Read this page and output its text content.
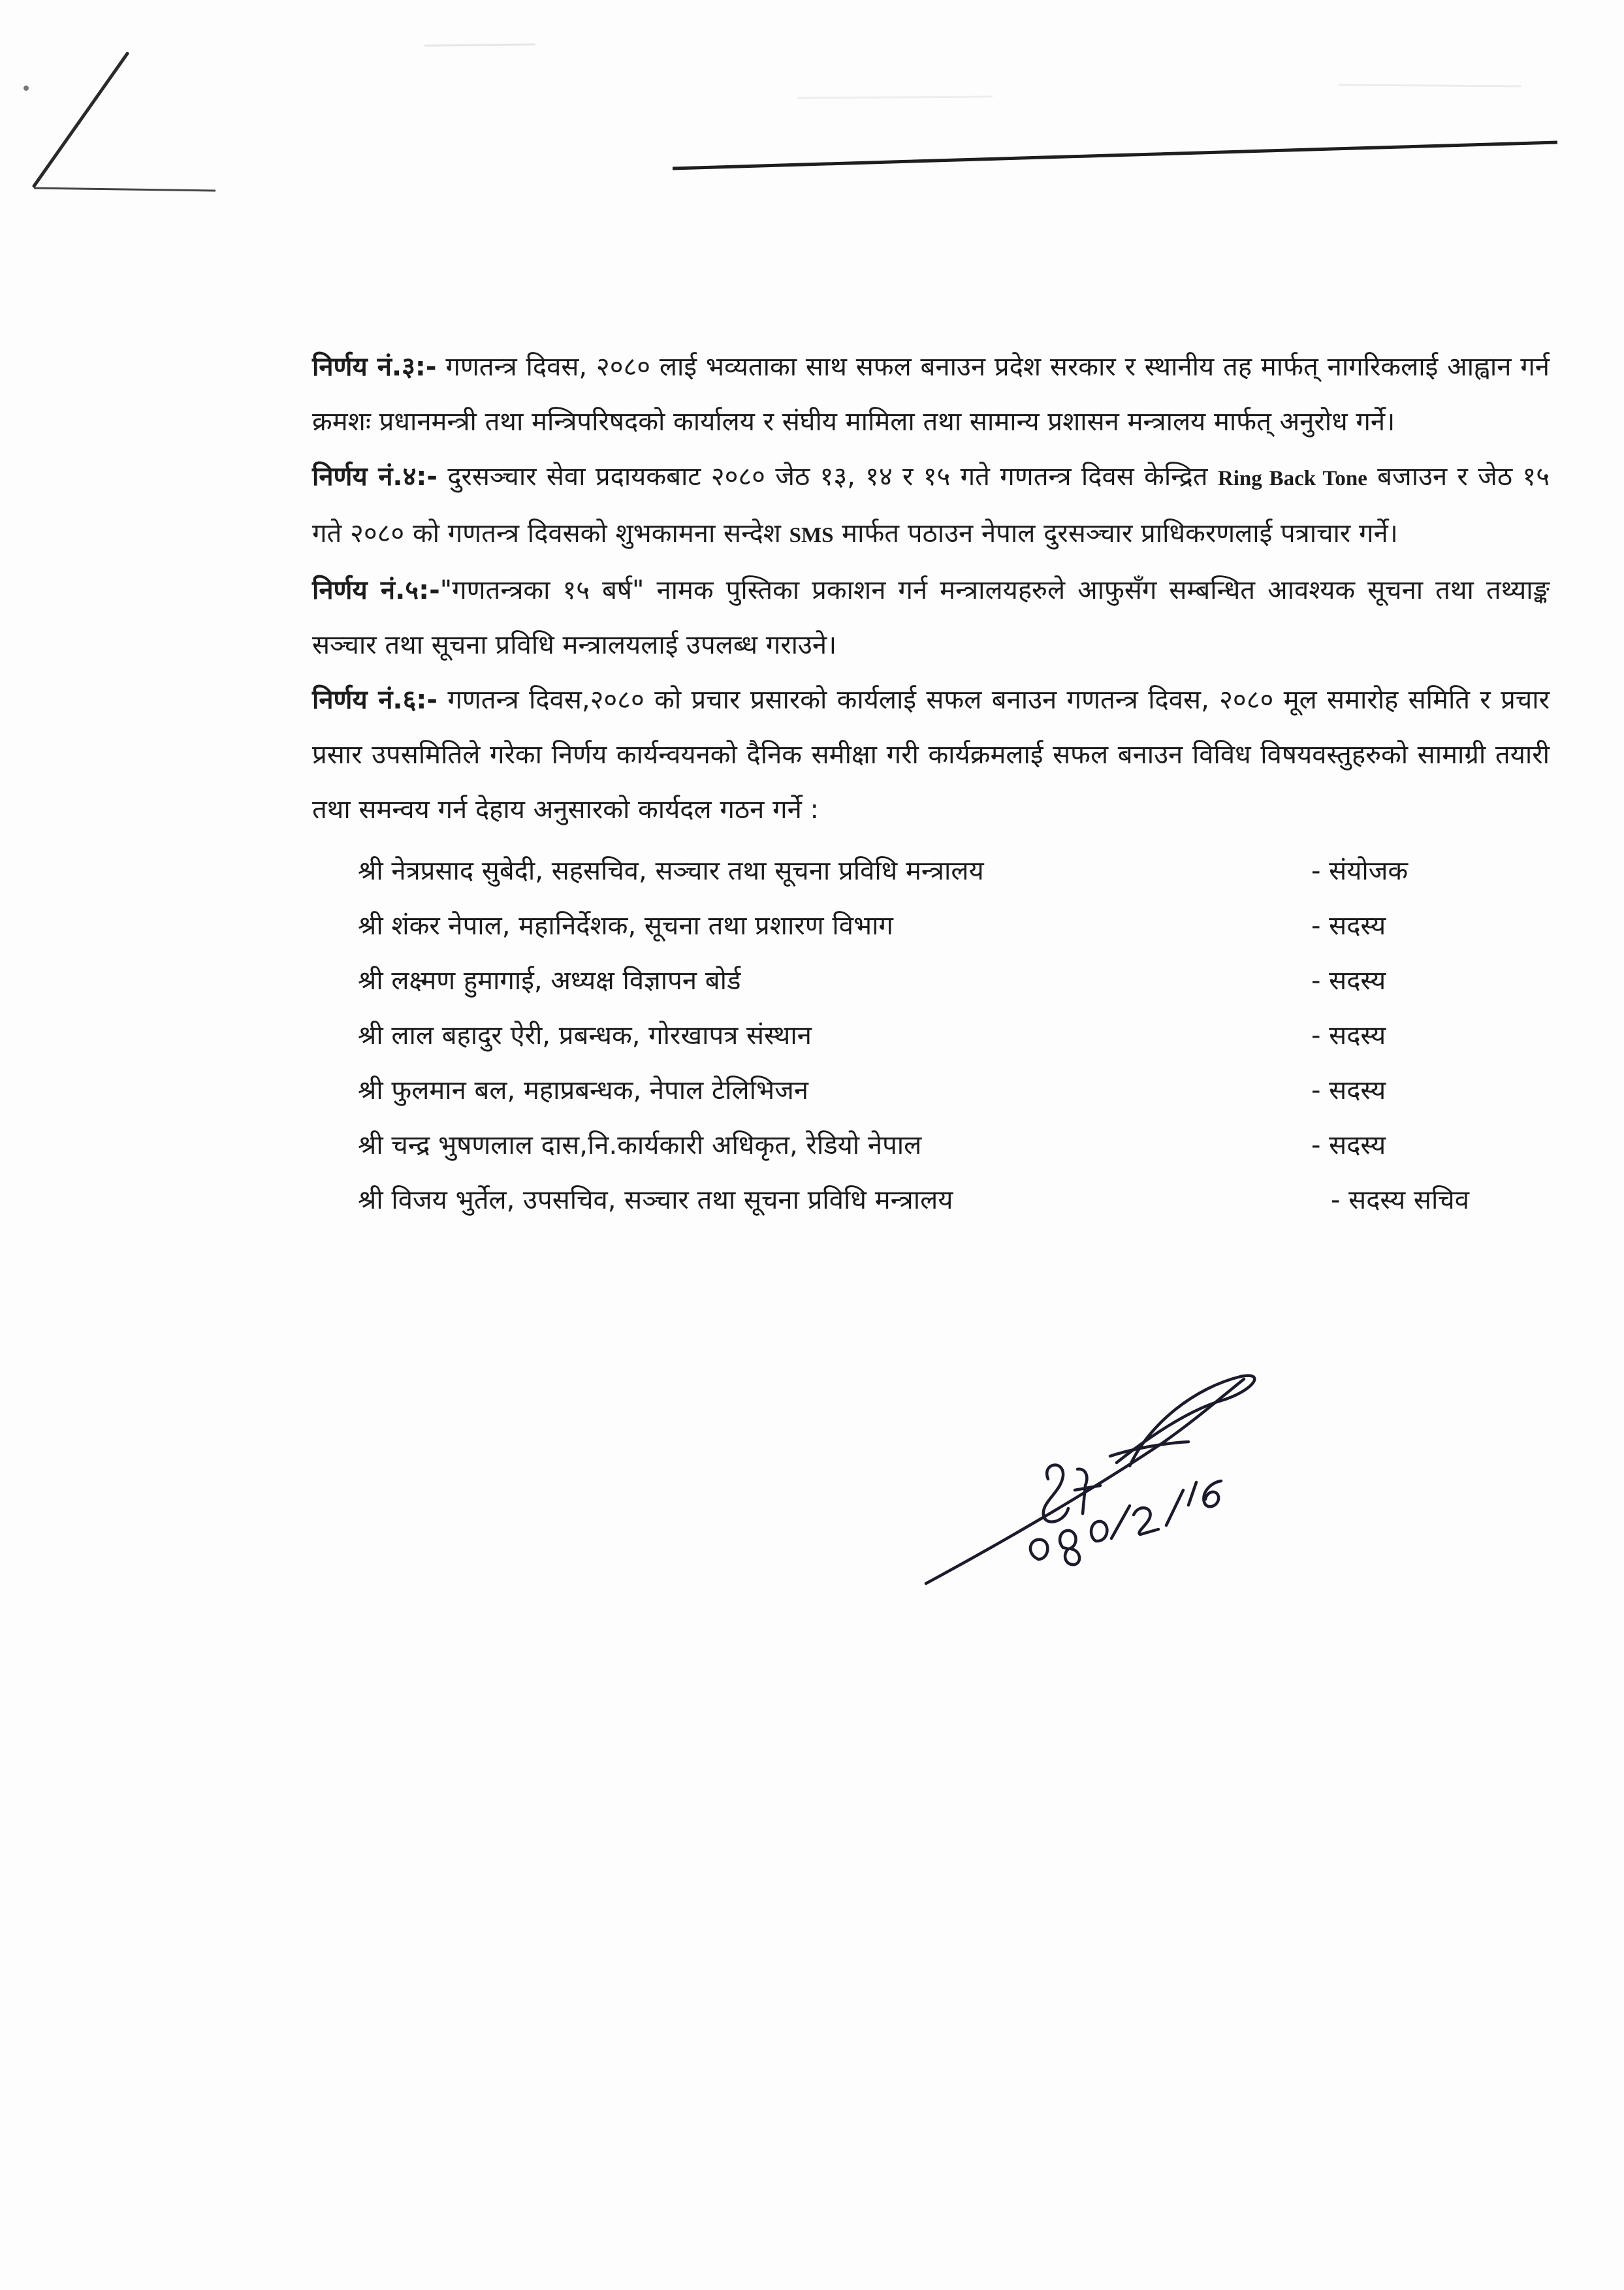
निर्णय नं.३:- गणतन्त्र दिवस, २०८० लाई भव्यताका साथ सफल बनाउन प्रदेश सरकार र स्थानीय तह मार्फत् नागरिकलाई आह्वान गर्न क्रमशः प्रधानमन्त्री तथा मन्त्रिपरिषदको कार्यालय र संघीय मामिला तथा सामान्य प्रशासन मन्त्रालय मार्फत् अनुरोध गर्ने।

निर्णय नं.४:- दुरसञ्चार सेवा प्रदायकबाट २०८० जेठ १३, १४ र १५ गते गणतन्त्र दिवस केन्द्रित Ring Back Tone बजाउन र जेठ १५ गते २०८० को गणतन्त्र दिवसको शुभकामना सन्देश SMS मार्फत पठाउन नेपाल दुरसञ्चार प्राधिकरणलाई पत्राचार गर्ने।

निर्णय नं.५:-"गणतन्त्रका १५ बर्ष" नामक पुस्तिका प्रकाशन गर्न मन्त्रालयहरुले आफुसँग सम्बन्धित आवश्यक सूचना तथा तथ्याङ्क सञ्चार तथा सूचना प्रविधि मन्त्रालयलाई उपलब्ध गराउने।

निर्णय नं.६:- गणतन्त्र दिवस,२०८० को प्रचार प्रसारको कार्यलाई सफल बनाउन गणतन्त्र दिवस, २०८० मूल समारोह समिति र प्रचार प्रसार उपसमितिले गरेका निर्णय कार्यन्वयनको दैनिक समीक्षा गरी कार्यक्रमलाई सफल बनाउन विविध विषयवस्तुहरुको सामाग्री तयारी तथा समन्वय गर्न देहाय अनुसारको कार्यदल गठन गर्ने :

श्री नेत्रप्रसाद सुबेदी, सहसचिव, सञ्चार तथा सूचना प्रविधि मन्त्रालय	- संयोजक
श्री शंकर नेपाल, महानिर्देशक, सूचना तथा प्रशारण विभाग	- सदस्य
श्री लक्ष्मण हुमागाई, अध्यक्ष विज्ञापन बोर्ड	- सदस्य
श्री लाल बहादुर ऐरी, प्रबन्धक, गोरखापत्र संस्थान	- सदस्य
श्री फुलमान बल, महाप्रबन्धक, नेपाल टेलिभिजन	- सदस्य
श्री चन्द्र भुषणलाल दास,नि.कार्यकारी अधिकृत, रेडियो नेपाल	- सदस्य
श्री विजय भुर्तेल, उपसचिव, सञ्चार तथा सूचना प्रविधि मन्त्रालय	- सदस्य सचिव
080/2/16
